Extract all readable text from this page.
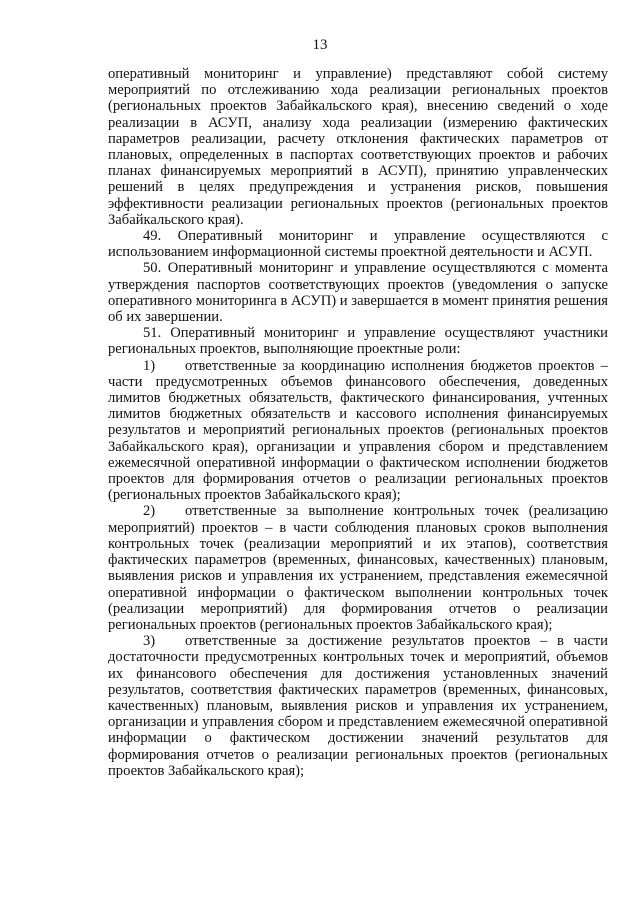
13

оперативный мониторинг и управление) представляют собой систему мероприятий по отслеживанию хода реализации региональных проектов (региональных проектов Забайкальского края), внесению сведений о ходе реализации в АСУП, анализу хода реализации (измерению фактических параметров реализации, расчету отклонения фактических параметров от плановых, определенных в паспортах соответствующих проектов и рабочих планах финансируемых мероприятий в АСУП), принятию управленческих решений в целях предупреждения и устранения рисков, повышения эффективности реализации региональных проектов (региональных проектов Забайкальского края).

49. Оперативный мониторинг и управление осуществляются с использованием информационной системы проектной деятельности и АСУП.

50. Оперативный мониторинг и управление осуществляются с момента утверждения паспортов соответствующих проектов (уведомления о запуске оперативного мониторинга в АСУП) и завершается в момент принятия решения об их завершении.

51. Оперативный мониторинг и управление осуществляют участники региональных проектов, выполняющие проектные роли:

1) ответственные за координацию исполнения бюджетов проектов – части предусмотренных объемов финансового обеспечения, доведенных лимитов бюджетных обязательств, фактического финансирования, учтенных лимитов бюджетных обязательств и кассового исполнения финансируемых результатов и мероприятий региональных проектов (региональных проектов Забайкальского края), организации и управления сбором и представлением ежемесячной оперативной информации о фактическом исполнении бюджетов проектов для формирования отчетов о реализации региональных проектов (региональных проектов Забайкальского края);

2) ответственные за выполнение контрольных точек (реализацию мероприятий) проектов – в части соблюдения плановых сроков выполнения контрольных точек (реализации мероприятий и их этапов), соответствия фактических параметров (временных, финансовых, качественных) плановым, выявления рисков и управления их устранением, представления ежемесячной оперативной информации о фактическом выполнении контрольных точек (реализации мероприятий) для формирования отчетов о реализации региональных проектов (региональных проектов Забайкальского края);

3) ответственные за достижение результатов проектов – в части достаточности предусмотренных контрольных точек и мероприятий, объемов их финансового обеспечения для достижения установленных значений результатов, соответствия фактических параметров (временных, финансовых, качественных) плановым, выявления рисков и управления их устранением, организации и управления сбором и представлением ежемесячной оперативной информации о фактическом достижении значений результатов для формирования отчетов о реализации региональных проектов (региональных проектов Забайкальского края);
